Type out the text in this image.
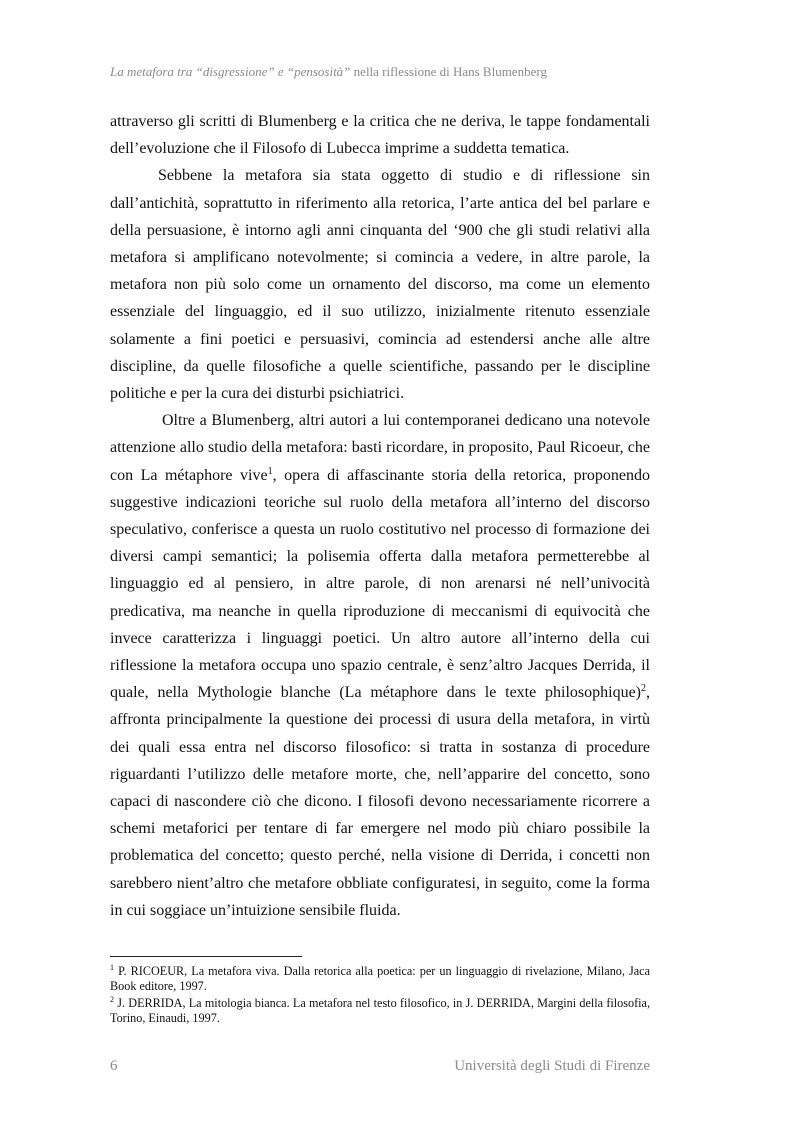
La metafora tra “disgressione” e “pensosità” nella riflessione di Hans Blumenberg

attraverso gli scritti di Blumenberg e la critica che ne deriva, le tappe fondamentali dell’evoluzione che il Filosofo di Lubecca imprime a suddetta tematica.

Sebbene la metafora sia stata oggetto di studio e di riflessione sin dall’antichità, soprattutto in riferimento alla retorica, l’arte antica del bel parlare e della persuasione, è intorno agli anni cinquanta del ‘900 che gli studi relativi alla metafora si amplificano notevolmente; si comincia a vedere, in altre parole, la metafora non più solo come un ornamento del discorso, ma come un elemento essenziale del linguaggio, ed il suo utilizzo, inizialmente ritenuto essenziale solamente a fini poetici e persuasivi, comincia ad estendersi anche alle altre discipline, da quelle filosofiche a quelle scientifiche, passando per le discipline politiche e per la cura dei disturbi psichiatrici.

Oltre a Blumenberg, altri autori a lui contemporanei dedicano una notevole attenzione allo studio della metafora: basti ricordare, in proposito, Paul Ricoeur, che con La métaphore vive$^1$, opera di affascinante storia della retorica, proponendo suggestive indicazioni teoriche sul ruolo della metafora all’interno del discorso speculativo, conferisce a questa un ruolo costitutivo nel processo di formazione dei diversi campi semantici; la polisemia offerta dalla metafora permetterebbe al linguaggio ed al pensiero, in altre parole, di non arenarsi né nell’univocità predicativa, ma neanche in quella riproduzione di meccanismi di equivocità che invece caratterizza i linguaggi poetici. Un altro autore all’interno della cui riflessione la metafora occupa uno spazio centrale, è senz’altro Jacques Derrida, il quale, nella Mythologie blanche (La métaphore dans le texte philosophique)$^2$, affronta principalmente la questione dei processi di usura della metafora, in virtù dei quali essa entra nel discorso filosofico: si tratta in sostanza di procedure riguardanti l’utilizzo delle metafore morte, che, nell’apparire del concetto, sono capaci di nascondere ciò che dicono. I filosofi devono necessariamente ricorrere a schemi metaforici per tentare di far emergere nel modo più chiaro possibile la problematica del concetto; questo perché, nella visione di Derrida, i concetti non sarebbero nient’altro che metafore obbliate configuratesi, in seguito, come la forma in cui soggiace un’intuizione sensibile fluida.

$^1$ P. RICOEUR, La metafora viva. Dalla retorica alla poetica: per un linguaggio di rivelazione, Milano, Jaca Book editore, 1997.

$^2$ J. DERRIDA, La mitologia bianca. La metafora nel testo filosofico, in J. DERRIDA, Margini della filosofia, Torino, Einaudi, 1997.

6	Università degli Studi di Firenze
